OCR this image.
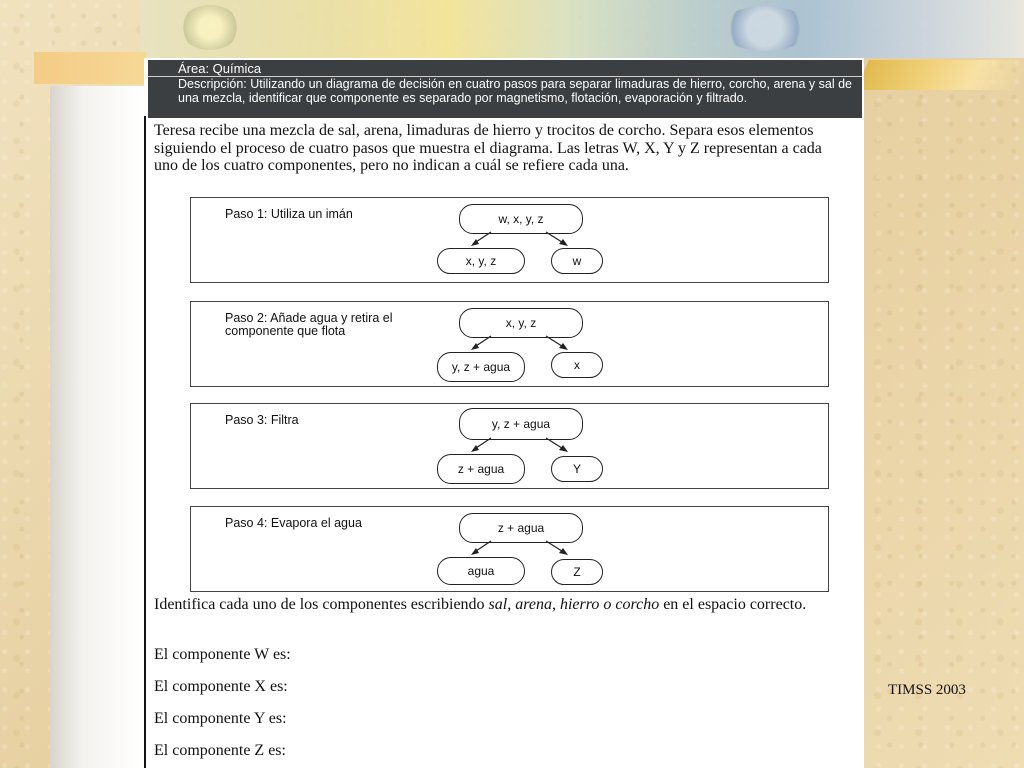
Área: Química
Descripción: Utilizando un diagrama de decisión en cuatro pasos para separar limaduras de hierro, corcho, arena y sal de una mezcla, identificar que componente es separado por magnetismo, flotación, evaporación y filtrado.
Teresa recibe una mezcla de sal, arena, limaduras de hierro y trocitos de corcho. Separa esos elementos siguiendo el proceso de cuatro pasos que muestra el diagrama. Las letras W, X, Y y Z representan a cada uno de los cuatro componentes, pero no indican a cuál se refiere cada una.
Paso 1: Utiliza un imán	w, x, y, z
x, y, z	w
Paso 2: Añade agua y retira el componente que flota
x, y, z
y, z + agua	x
Paso 3: Filtra	y, z + agua
z + agua	Y
Paso 4: Evapora el agua	z + agua
agua	Z
Identifica cada uno de los componentes escribiendo sal, arena, hierro o corcho en el espacio correcto.
El componente W es:
El componente X es:
El componente Y es:
El componente Z es:
TIMSS 2003
